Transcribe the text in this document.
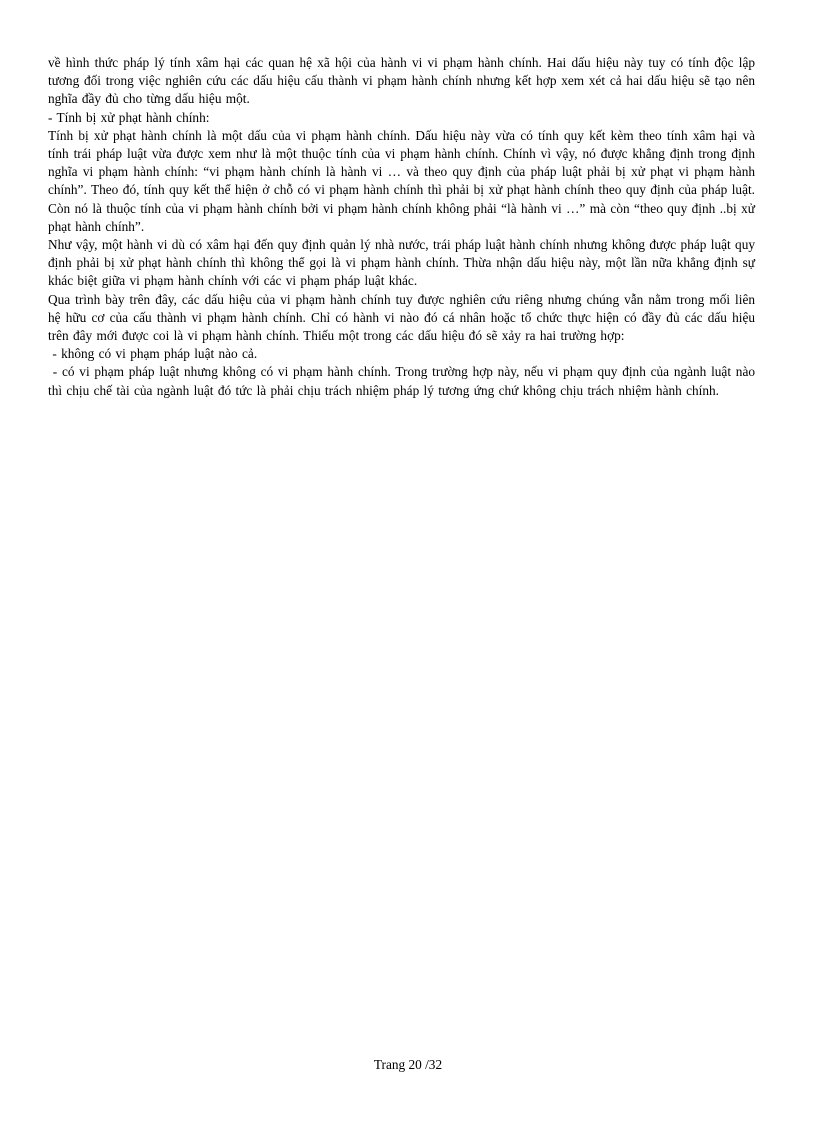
về hình thức pháp lý tính xâm hại các quan hệ xã hội của hành vi vi phạm hành chính. Hai dấu hiệu này tuy có tính độc lập tương đối trong việc nghiên cứu các dấu hiệu cấu thành vi phạm hành chính nhưng kết hợp xem xét cả hai dấu hiệu sẽ tạo nên nghĩa đầy đủ cho từng dấu hiệu một.

- Tính bị xử phạt hành chính:

Tính bị xử phạt hành chính là một dấu của vi phạm hành chính. Dấu hiệu này vừa có tính quy kết kèm theo tính xâm hại và tính trái pháp luật vừa được xem như là một thuộc tính của vi phạm hành chính. Chính vì vậy, nó được khẳng định trong định nghĩa vi phạm hành chính: “vi phạm hành chính là hành vi … và theo quy định của pháp luật phải bị xử phạt vi phạm hành chính”. Theo đó, tính quy kết thể hiện ở chỗ có vi phạm hành chính thì phải bị xử phạt hành chính theo quy định của pháp luật. Còn nó là thuộc tính của vi phạm hành chính bởi vi phạm hành chính không phải “là hành vi …” mà còn “theo quy định ..bị xử phạt hành chính”.

Như vậy, một hành vi dù có xâm hại đến quy định quản lý nhà nước, trái pháp luật hành chính nhưng không được pháp luật quy định phải bị xử phạt hành chính thì không thể gọi là vi phạm hành chính. Thừa nhận dấu hiệu này, một lần nữa khẳng định sự khác biệt giữa vi phạm hành chính với các vi phạm pháp luật khác.

Qua trình bày trên đây, các dấu hiệu của vi phạm hành chính tuy được nghiên cứu riêng nhưng chúng vẫn nằm trong mối liên hệ hữu cơ của cấu thành vi phạm hành chính. Chỉ có hành vi nào đó cá nhân hoặc tổ chức thực hiện có đầy đủ các dấu hiệu trên đây mới được coi là vi phạm hành chính. Thiếu một trong các dấu hiệu đó sẽ xảy ra hai trường hợp:

- không có vi phạm pháp luật nào cả.

- có vi phạm pháp luật nhưng không có vi phạm hành chính. Trong trường hợp này, nếu vi phạm quy định của ngành luật nào thì chịu chế tài của ngành luật đó tức là phải chịu trách nhiệm pháp lý tương ứng chứ không chịu trách nhiệm hành chính.

Trang 20 /32
